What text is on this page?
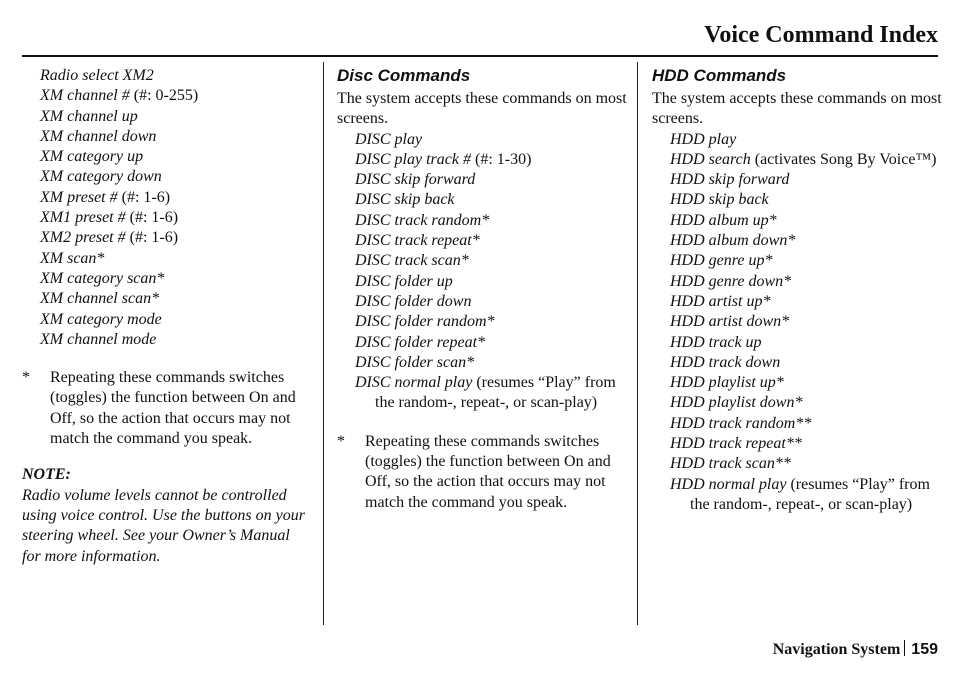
Voice Command Index
Radio select XM2
XM channel # (#: 0-255)
XM channel up
XM channel down
XM category up
XM category down
XM preset # (#: 1-6)
XM1 preset # (#: 1-6)
XM2 preset # (#: 1-6)
XM scan*
XM category scan*
XM channel scan*
XM category mode
XM channel mode
* Repeating these commands switches (toggles) the function between On and Off, so the action that occurs may not match the command you speak.
NOTE:
Radio volume levels cannot be controlled using voice control. Use the buttons on your steering wheel. See your Owner’s Manual for more information.
Disc Commands
The system accepts these commands on most screens.
DISC play
DISC play track # (#: 1-30)
DISC skip forward
DISC skip back
DISC track random*
DISC track repeat*
DISC track scan*
DISC folder up
DISC folder down
DISC folder random*
DISC folder repeat*
DISC folder scan*
DISC normal play (resumes “Play” from the random-, repeat-, or scan-play)
* Repeating these commands switches (toggles) the function between On and Off, so the action that occurs may not match the command you speak.
HDD Commands
The system accepts these commands on most screens.
HDD play
HDD search (activates Song By Voice™)
HDD skip forward
HDD skip back
HDD album up*
HDD album down*
HDD genre up*
HDD genre down*
HDD artist up*
HDD artist down*
HDD track up
HDD track down
HDD playlist up*
HDD playlist down*
HDD track random**
HDD track repeat**
HDD track scan**
HDD normal play (resumes “Play” from the random-, repeat-, or scan-play)
Navigation System 159
